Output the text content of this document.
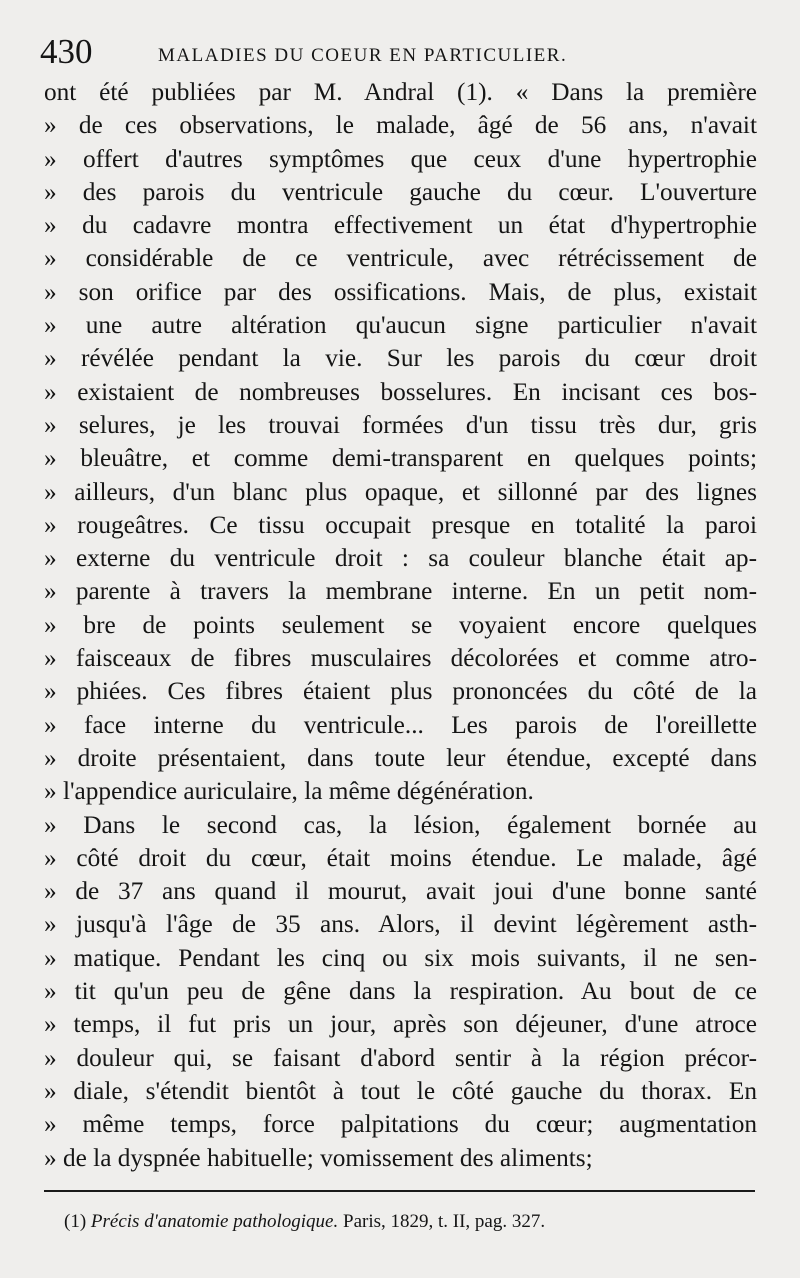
430	MALADIES DU COEUR EN PARTICULIER.
ont été publiées par M. Andral (1). « Dans la première
» de ces observations, le malade, âgé de 56 ans, n'avait
» offert d'autres symptômes que ceux d'une hypertrophie
» des parois du ventricule gauche du cœur. L'ouverture
» du cadavre montra effectivement un état d'hypertrophie
» considérable de ce ventricule, avec rétrécissement de
» son orifice par des ossifications. Mais, de plus, existait
» une autre altération qu'aucun signe particulier n'avait
» révélée pendant la vie. Sur les parois du cœur droit
» existaient de nombreuses bosselures. En incisant ces bos-
» selures, je les trouvai formées d'un tissu très dur, gris
» bleuâtre, et comme demi-transparent en quelques points;
» ailleurs, d'un blanc plus opaque, et sillonné par des lignes
» rougeâtres. Ce tissu occupait presque en totalité la paroi
» externe du ventricule droit : sa couleur blanche était ap-
» parente à travers la membrane interne. En un petit nom-
» bre de points seulement se voyaient encore quelques
» faisceaux de fibres musculaires décolorées et comme atro-
» phiées. Ces fibres étaient plus prononcées du côté de la
» face interne du ventricule... Les parois de l'oreillette
» droite présentaient, dans toute leur étendue, excepté dans
» l'appendice auriculaire, la même dégénération.
» Dans le second cas, la lésion, également bornée au
» côté droit du cœur, était moins étendue. Le malade, âgé
» de 37 ans quand il mourut, avait joui d'une bonne santé
» jusqu'à l'âge de 35 ans. Alors, il devint légèrement asth-
» matique. Pendant les cinq ou six mois suivants, il ne sen-
» tit qu'un peu de gêne dans la respiration. Au bout de ce
» temps, il fut pris un jour, après son déjeuner, d'une atroce
» douleur qui, se faisant d'abord sentir à la région précor-
» diale, s'étendit bientôt à tout le côté gauche du thorax. En
» même temps, force palpitations du cœur; augmentation
» de la dyspnée habituelle; vomissement des aliments;
(1) Précis d'anatomie pathologique. Paris, 1829, t. II, pag. 327.
